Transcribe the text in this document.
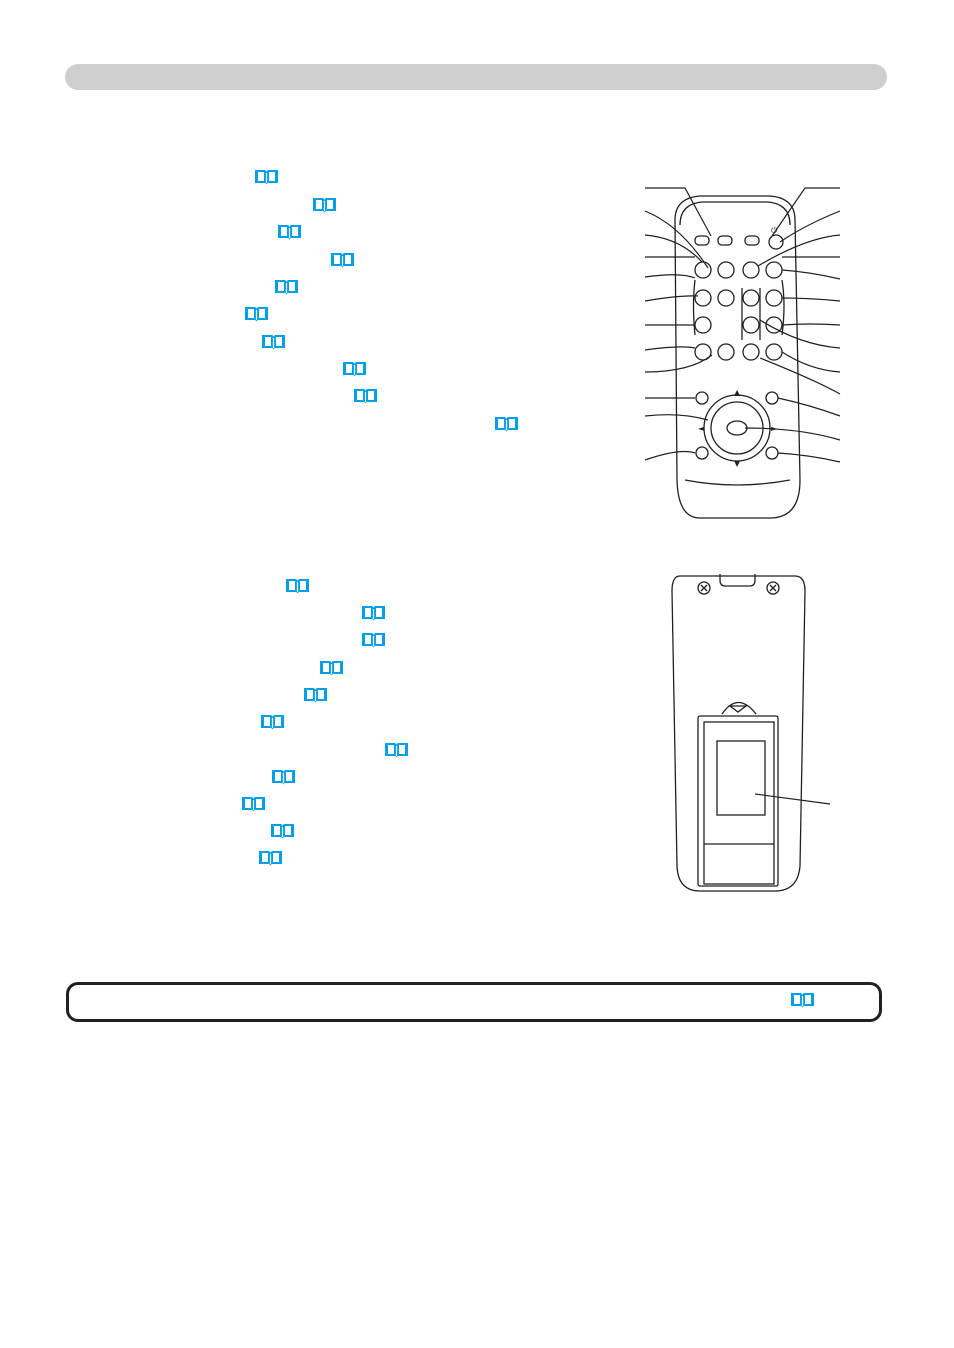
⏻
▲
▼
◄	►
